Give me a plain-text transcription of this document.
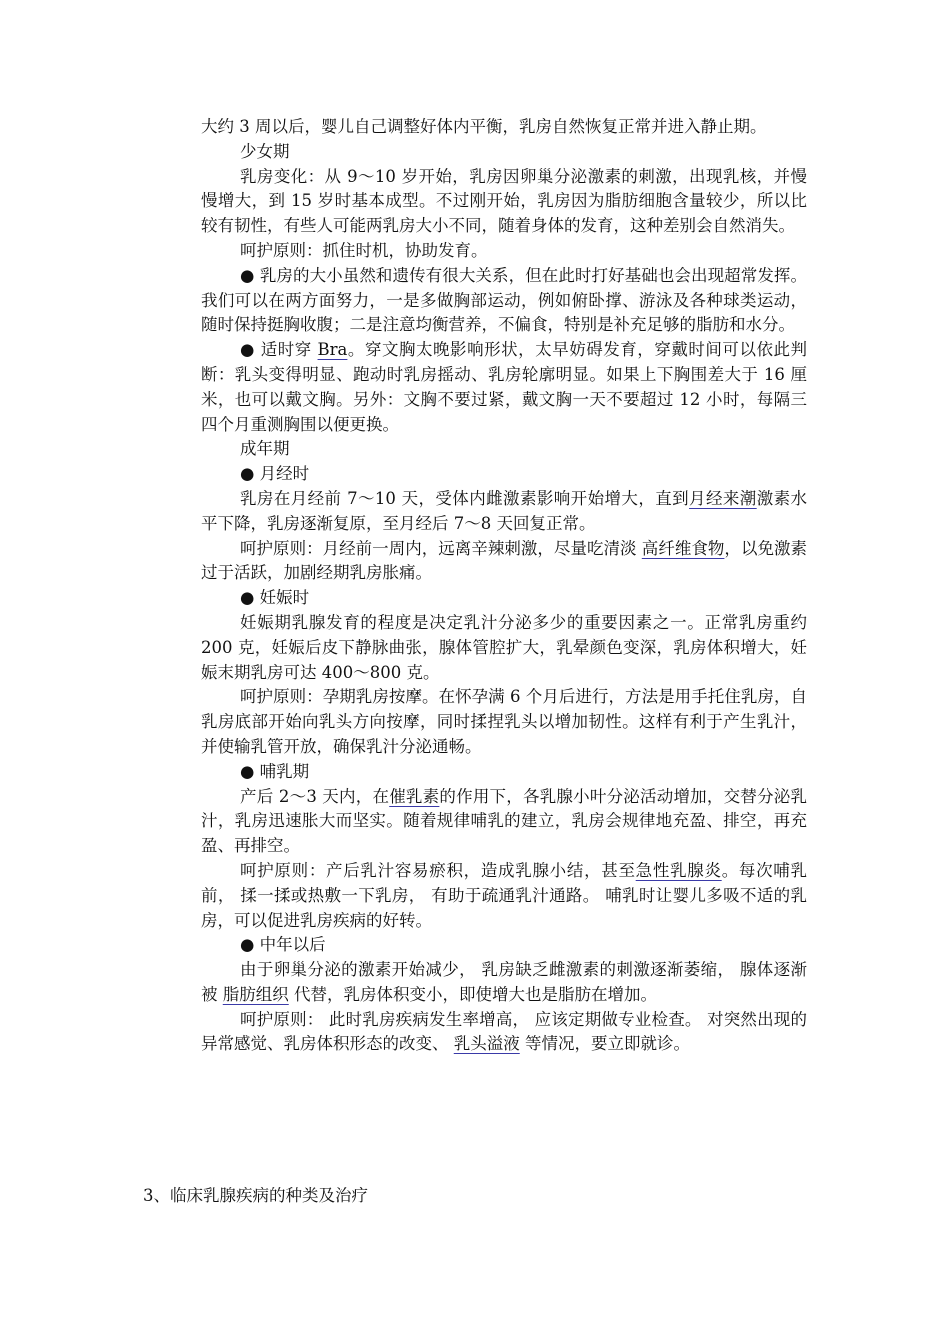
大约 3 周以后，婴儿自己调整好体内平衡，乳房自然恢复正常并进入静止期。

少女期

乳房变化：从 9～10 岁开始，乳房因卵巢分泌激素的刺激，出现乳核，并慢慢增大，到 15 岁时基本成型。不过刚开始，乳房因为脂肪细胞含量较少，所以比较有韧性，有些人可能两乳房大小不同，随着身体的发育，这种差别会自然消失。

呵护原则：抓住时机，协助发育。

● 乳房的大小虽然和遗传有很大关系，但在此时打好基础也会出现超常发挥。我们可以在两方面努力，一是多做胸部运动，例如俯卧撑、游泳及各种球类运动，随时保持挺胸收腹；二是注意均衡营养，不偏食，特别是补充足够的脂肪和水分。

● 适时穿 Bra。穿文胸太晚影响形状，太早妨碍发育，穿戴时间可以依此判断：乳头变得明显、跑动时乳房摇动、乳房轮廓明显。如果上下胸围差大于 16 厘米，也可以戴文胸。另外：文胸不要过紧，戴文胸一天不要超过 12 小时，每隔三四个月重测胸围以便更换。

成年期

● 月经时

乳房在月经前 7～10 天，受体内雌激素影响开始增大，直到月经来潮激素水平下降，乳房逐渐复原，至月经后 7～8 天回复正常。

呵护原则：月经前一周内，远离辛辣刺激，尽量吃清淡 高纤维食物，以免激素过于活跃，加剧经期乳房胀痛。

● 妊娠时

妊娠期乳腺发育的程度是决定乳汁分泌多少的重要因素之一。正常乳房重约 200 克，妊娠后皮下静脉曲张，腺体管腔扩大，乳晕颜色变深，乳房体积增大，妊娠末期乳房可达 400～800 克。

呵护原则：孕期乳房按摩。在怀孕满 6 个月后进行，方法是用手托住乳房，自乳房底部开始向乳头方向按摩，同时揉捏乳头以增加韧性。这样有利于产生乳汁，并使输乳管开放，确保乳汁分泌通畅。

● 哺乳期

产后 2～3 天内，在催乳素的作用下，各乳腺小叶分泌活动增加，交替分泌乳汁，乳房迅速胀大而坚实。随着规律哺乳的建立，乳房会规律地充盈、排空，再充盈、再排空。

呵护原则：产后乳汁容易瘀积，造成乳腺小结，甚至急性乳腺炎。每次哺乳前， 揉一揉或热敷一下乳房， 有助于疏通乳汁通路。 哺乳时让婴儿多吸不适的乳房，可以促进乳房疾病的好转。

● 中年以后

由于卵巢分泌的激素开始减少， 乳房缺乏雌激素的刺激逐渐萎缩， 腺体逐渐被 脂肪组织 代替，乳房体积变小，即使增大也是脂肪在增加。

呵护原则： 此时乳房疾病发生率增高， 应该定期做专业检查。 对突然出现的异常感觉、乳房体积形态的改变、 乳头溢液 等情况，要立即就诊。

3、临床乳腺疾病的种类及治疗
